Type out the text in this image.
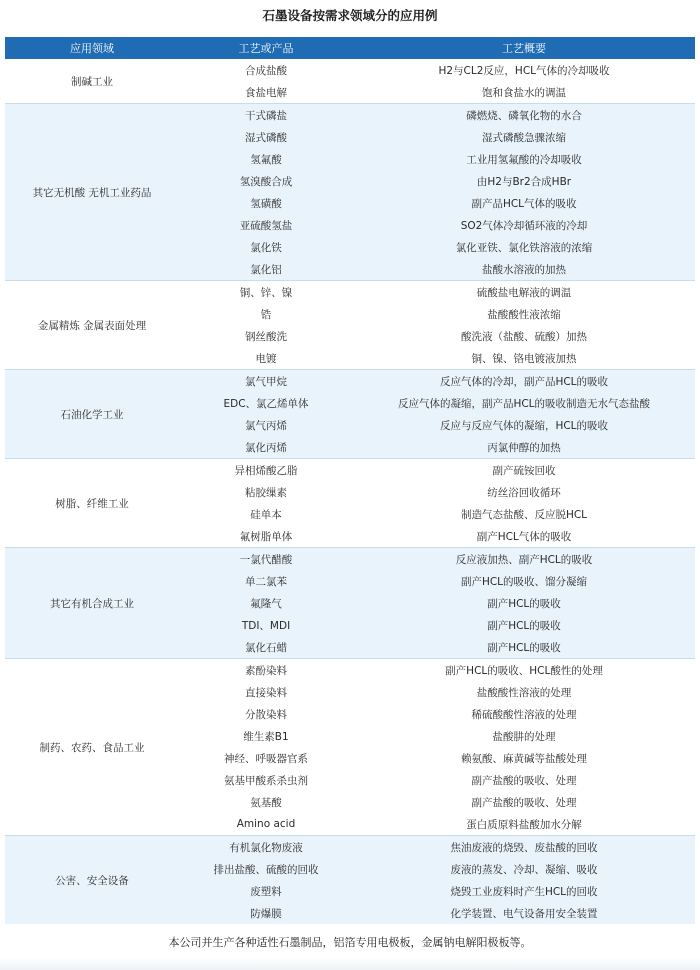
石墨设备按需求领域分的应用例
应用领域	工艺或产品	工艺概要
制碱工业	合成盐酸	H2与CL2反应，HCL气体的冷却吸收
	食盐电解	饱和食盐水的调温
其它无机酸 无机工业药品	干式磷盐	磷燃烧、磷氧化物的水合
	湿式磷酸	湿式磷酸急骤浓缩
	氢氟酸	工业用氢氟酸的冷却吸收
	氢溴酸合成	由H2与Br2合成HBr
	氢磺酸	副产品HCL气体的吸收
	亚硫酸氢盐	SO2气体冷却循环液的冷却
	氯化铁	氯化亚铁、氯化铁溶液的浓缩
	氯化铝	盐酸水溶液的加热
金属精炼 金属表面处理	铜、锌、镍	硫酸盐电解液的调温
	锆	盐酸酸性液浓缩
	钢丝酸洗	酸洗液（盐酸、硫酸）加热
	电镀	铜、镍、铬电镀液加热
石油化学工业	氯气甲烷	反应气体的冷却，副产品HCL的吸收
	EDC、氯乙烯单体	反应气体的凝缩，副产品HCL的吸收制造无水气态盐酸
	氯气丙烯	反应与反应气体的凝缩，HCL的吸收
	氯化丙烯	丙氯仲醇的加热
树脂、纤维工业	异相烯酸乙脂	副产硫铵回收
	粘胶缫素	纺丝浴回收循环
	硅单本	制造气态盐酸、反应脱HCL
	氟树脂单体	副产HCL气体的吸收
其它有机合成工业	一氯代醋酸	反应液加热、副产HCL的吸收
	单二氯苯	副产HCL的吸收、馏分凝缩
	氟隆气	副产HCL的吸收
	TDI、MDI	副产HCL的吸收
	氯化石蜡	副产HCL的吸收
制药、农药、食品工业	素酚染料	副产HCL的吸收、HCL酸性的处理
	直接染料	盐酸酸性溶液的处理
	分散染料	稀硫酸酸性溶液的处理
	维生素B1	盐酸肼的处理
	神经、呼吸器官系	赖氨酸、麻黄碱等盐酸处理
	氨基甲酸系杀虫剂	副产盐酸的吸收、处理
	氨基酸	副产盐酸的吸收、处理
	Amino acid	蛋白质原料盐酸加水分解
公害、安全设备	有机氯化物废液	焦油废液的烧毁、废盐酸的回收
	排出盐酸、硫酸的回收	废液的蒸发、冷却、凝缩、吸收
	废塑料	烧毁工业废料时产生HCL的回收
	防爆膜	化学装置、电气设备用安全装置
本公司并生产各种适性石墨制品，铝箔专用电极板，金属钠电解阳极板等。
